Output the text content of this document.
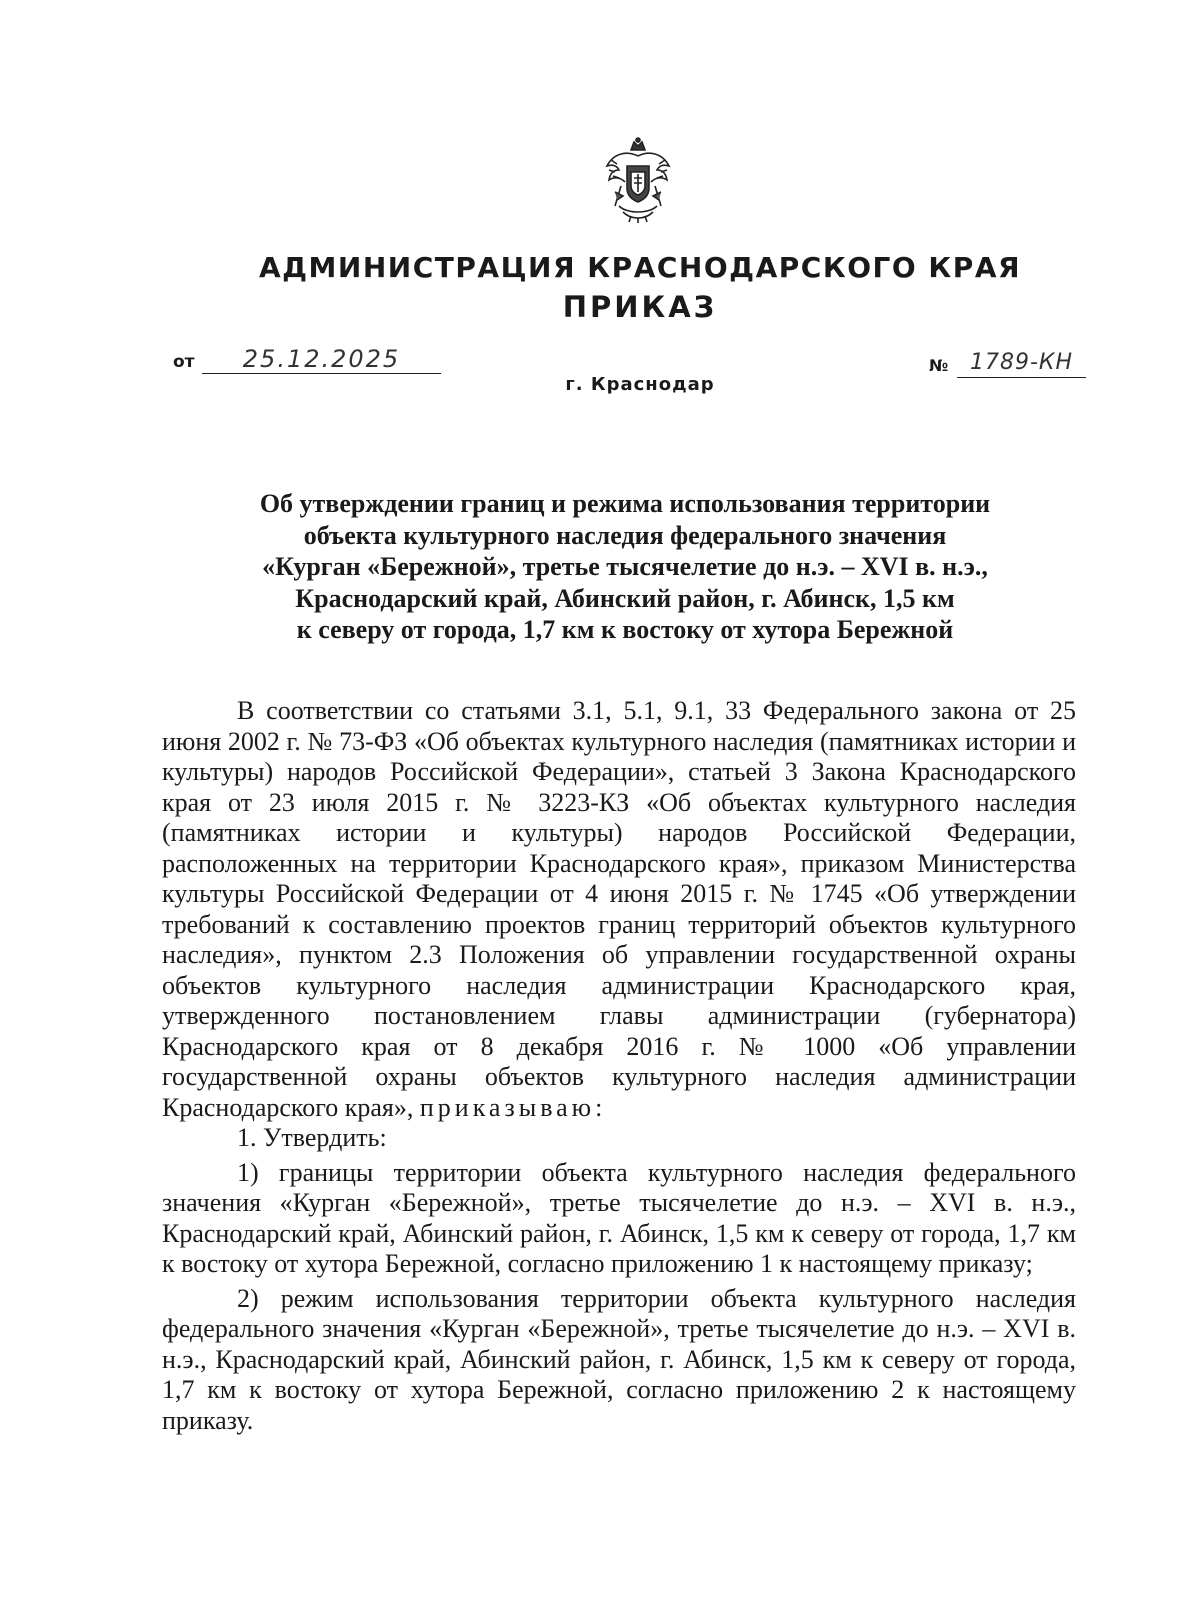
АДМИНИСТРАЦИЯ КРАСНОДАРСКОГО КРАЯ
ПРИКАЗ
от	25.12.2025
г. Краснодар
№ 1789-КН
Об утверждении границ и режима использования территории
объекта культурного наследия федерального значения
«Курган «Бережной», третье тысячелетие до н.э. – XVI в. н.э.,
Краснодарский край, Абинский район, г. Абинск, 1,5 км
к северу от города, 1,7 км к востоку от хутора Бережной

В соответствии со статьями 3.1, 5.1, 9.1, 33 Федерального закона от 25 июня 2002 г. № 73-ФЗ «Об объектах культурного наследия (памятниках истории и культуры) народов Российской Федерации», статьей 3 Закона Краснодарского края от 23 июля 2015 г. № 3223-КЗ «Об объектах культурного наследия (памятниках истории и культуры) народов Российской Федерации, расположенных на территории Краснодарского края», приказом Министерства культуры Российской Федерации от 4 июня 2015 г. № 1745 «Об утверждении требований к составлению проектов границ территорий объектов культурного наследия», пунктом 2.3 Положения об управлении государственной охраны объектов культурного наследия администрации Краснодарского края, утвержденного постановлением главы администрации (губернатора) Краснодарского края от 8 декабря 2016 г. № 1000 «Об управлении государственной охраны объектов культурного наследия администрации Краснодарского края», приказываю:

1. Утвердить:

1) границы территории объекта культурного наследия федерального значения «Курган «Бережной», третье тысячелетие до н.э. – XVI в. н.э., Краснодарский край, Абинский район, г. Абинск, 1,5 км к северу от города, 1,7 км к востоку от хутора Бережной, согласно приложению 1 к настоящему приказу;

2) режим использования территории объекта культурного наследия федерального значения «Курган «Бережной», третье тысячелетие до н.э. – XVI в. н.э., Краснодарский край, Абинский район, г. Абинск, 1,5 км к северу от города, 1,7 км к востоку от хутора Бережной, согласно приложению 2 к настоящему приказу.
